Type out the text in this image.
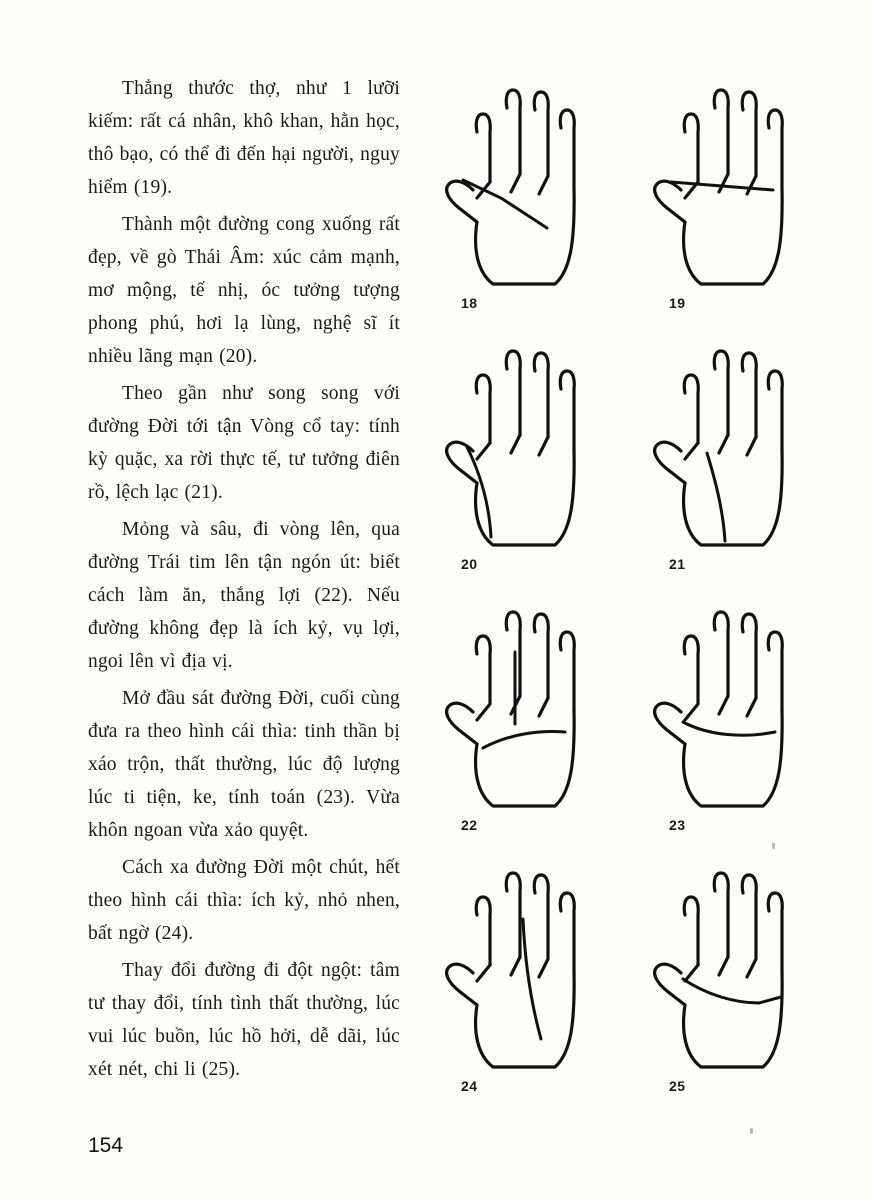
Thẳng thước thợ, như 1 lưỡi kiếm: rất cá nhân, khô khan, hằn học, thô bạo, có thể đi đến hại người, nguy hiểm (19).

Thành một đường cong xuống rất đẹp, về gò Thái Âm: xúc cảm mạnh, mơ mộng, tế nhị, óc tưởng tượng phong phú, hơi lạ lùng, nghệ sĩ ít nhiều lãng mạn (20).

Theo gần như song song với đường Đời tới tận Vòng cổ tay: tính kỳ quặc, xa rời thực tế, tư tưởng điên rồ, lệch lạc (21).

Mỏng và sâu, đi vòng lên, qua đường Trái tim lên tận ngón út: biết cách làm ăn, thắng lợi (22). Nếu đường không đẹp là ích kỷ, vụ lợi, ngoi lên vì địa vị.

Mở đầu sát đường Đời, cuối cùng đưa ra theo hình cái thìa: tinh thần bị xáo trộn, thất thường, lúc độ lượng lúc ti tiện, ke, tính toán (23). Vừa khôn ngoan vừa xảo quyệt.

Cách xa đường Đời một chút, hết theo hình cái thìa: ích kỷ, nhỏ nhen, bất ngờ (24).

Thay đổi đường đi đột ngột: tâm tư thay đổi, tính tình thất thường, lúc vui lúc buồn, lúc hồ hởi, dễ dãi, lúc xét nét, chi li (25).

18	19
20	21
22	23
24	25
154
